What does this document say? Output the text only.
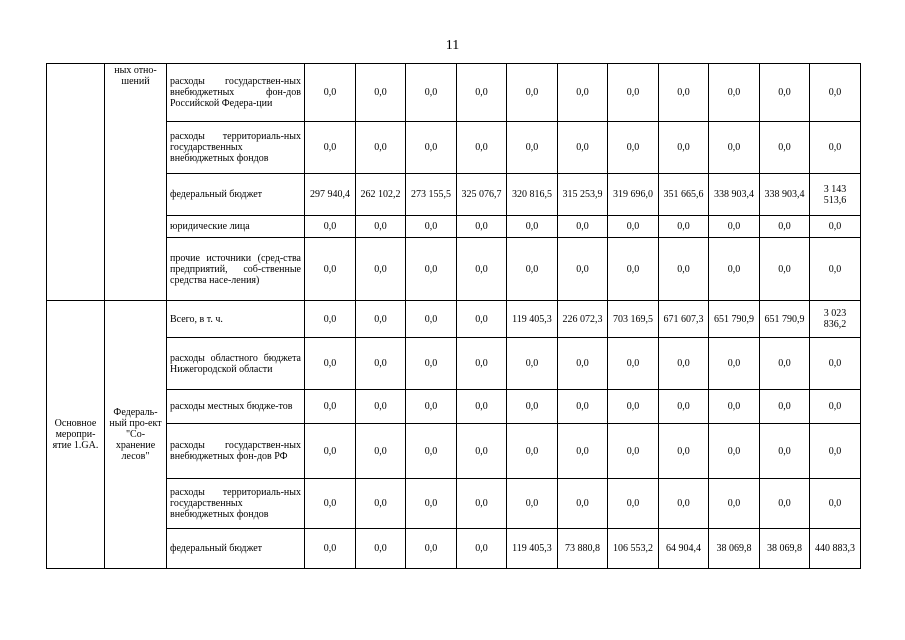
11
	ных отно-шений	расходы государствен-ных внебюджетных фон-дов Российской Федера-ции	0,0	0,0	0,0	0,0	0,0	0,0	0,0	0,0	0,0	0,0	0,0
		расходы территориаль-ных государственных внебюджетных фондов	0,0	0,0	0,0	0,0	0,0	0,0	0,0	0,0	0,0	0,0	0,0
		федеральный бюджет	297 940,4	262 102,2	273 155,5	325 076,7	320 816,5	315 253,9	319 696,0	351 665,6	338 903,4	338 903,4	3 143 513,6
		юридические лица	0,0	0,0	0,0	0,0	0,0	0,0	0,0	0,0	0,0	0,0	0,0
		прочие источники (сред-ства предприятий, соб-ственные средства насе-ления)	0,0	0,0	0,0	0,0	0,0	0,0	0,0	0,0	0,0	0,0	0,0
Основное меропри-ятие 1.GA.	Федераль-ный про-ект "Со-хранение лесов"	Всего, в т. ч.	0,0	0,0	0,0	0,0	119 405,3	226 072,3	703 169,5	671 607,3	651 790,9	651 790,9	3 023 836,2
		расходы областного бюджета Нижегородской области	0,0	0,0	0,0	0,0	0,0	0,0	0,0	0,0	0,0	0,0	0,0
		расходы местных бюдже-тов	0,0	0,0	0,0	0,0	0,0	0,0	0,0	0,0	0,0	0,0	0,0
		расходы государствен-ных внебюджетных фон-дов РФ	0,0	0,0	0,0	0,0	0,0	0,0	0,0	0,0	0,0	0,0	0,0
		расходы территориаль-ных государственных внебюджетных фондов	0,0	0,0	0,0	0,0	0,0	0,0	0,0	0,0	0,0	0,0	0,0
		федеральный бюджет	0,0	0,0	0,0	0,0	119 405,3	73 880,8	106 553,2	64 904,4	38 069,8	38 069,8	440 883,3
